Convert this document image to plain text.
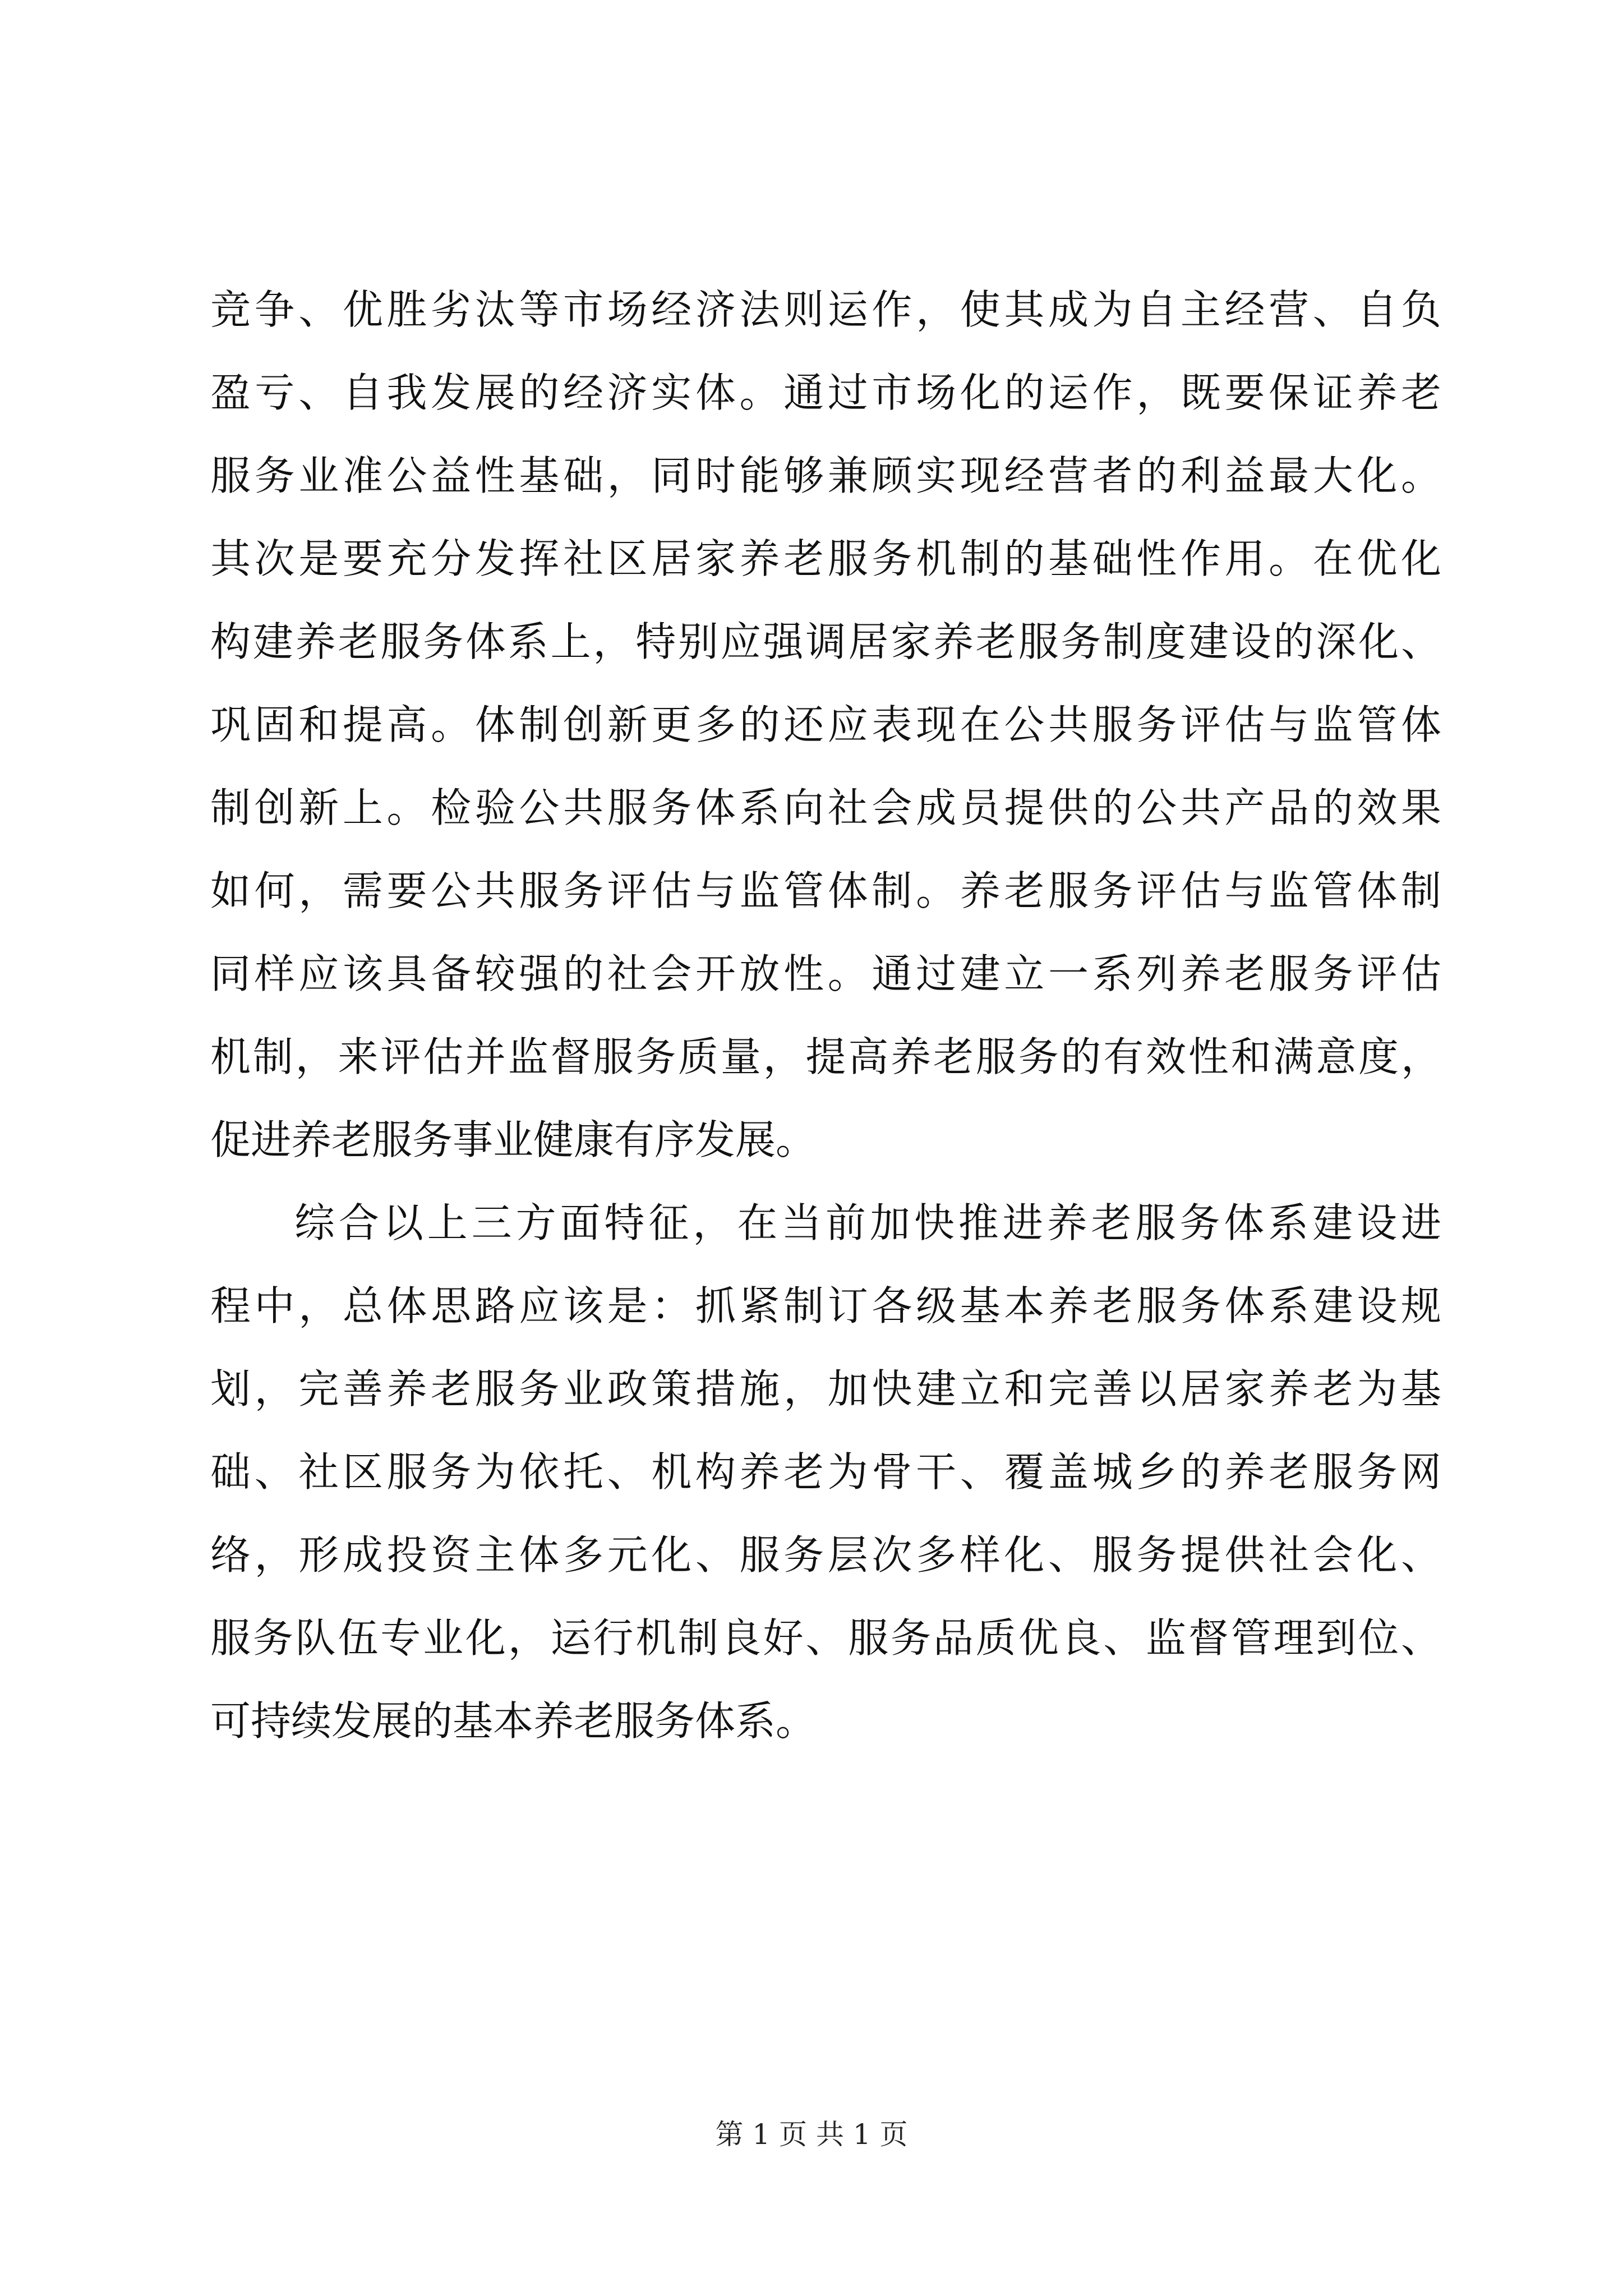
竞争、优胜劣汰等市场经济法则运作，使其成为自主经营、自负
盈亏、自我发展的经济实体。通过市场化的运作，既要保证养老
服务业准公益性基础，同时能够兼顾实现经营者的利益最大化。
其次是要充分发挥社区居家养老服务机制的基础性作用。在优化
构建养老服务体系上，特别应强调居家养老服务制度建设的深化、
巩固和提高。体制创新更多的还应表现在公共服务评估与监管体
制创新上。检验公共服务体系向社会成员提供的公共产品的效果
如何，需要公共服务评估与监管体制。养老服务评估与监管体制
同样应该具备较强的社会开放性。通过建立一系列养老服务评估
机制，来评估并监督服务质量，提高养老服务的有效性和满意度，
促进养老服务事业健康有序发展。
综合以上三方面特征，在当前加快推进养老服务体系建设进
程中，总体思路应该是：抓紧制订各级基本养老服务体系建设规
划，完善养老服务业政策措施，加快建立和完善以居家养老为基
础、社区服务为依托、机构养老为骨干、覆盖城乡的养老服务网
络，形成投资主体多元化、服务层次多样化、服务提供社会化、
服务队伍专业化，运行机制良好、服务品质优良、监督管理到位、
可持续发展的基本养老服务体系。
第 1 页 共 1 页
